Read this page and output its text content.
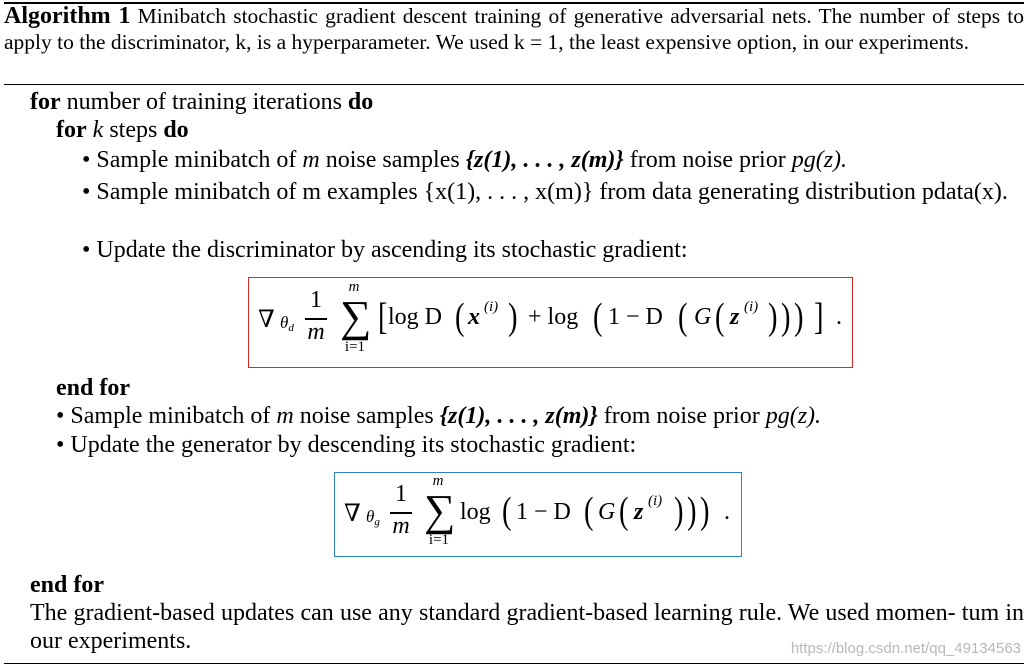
Algorithm 1 Minibatch stochastic gradient descent training of generative adversarial nets. The number of steps to apply to the discriminator, k, is a hyperparameter. We used k = 1, the least expensive option, in our experiments.
for number of training iterations do
for k steps do
• Sample minibatch of m noise samples {z(1), . . . , z(m)} from noise prior pg(z).
• Sample minibatch of m examples {x(1), . . . , x(m)} from data generating distribution pdata(x).
• Update the discriminator by ascending its stochastic gradient:
∇ θd
1
m
m
∑
i=1
[ log D ( x (i) ) + log ( 1 − D ( G ( z (i) ) ) ) ] .
end for
• Sample minibatch of m noise samples {z(1), . . . , z(m)} from noise prior pg(z).
• Update the generator by descending its stochastic gradient:
∇ θg
1
m
m
∑
i=1
log ( 1 − D ( G ( z (i) ) ) ) .
end for
The gradient-based updates can use any standard gradient-based learning rule. We used momen- tum in our experiments.	https://blog.csdn.net/qq_49134563
